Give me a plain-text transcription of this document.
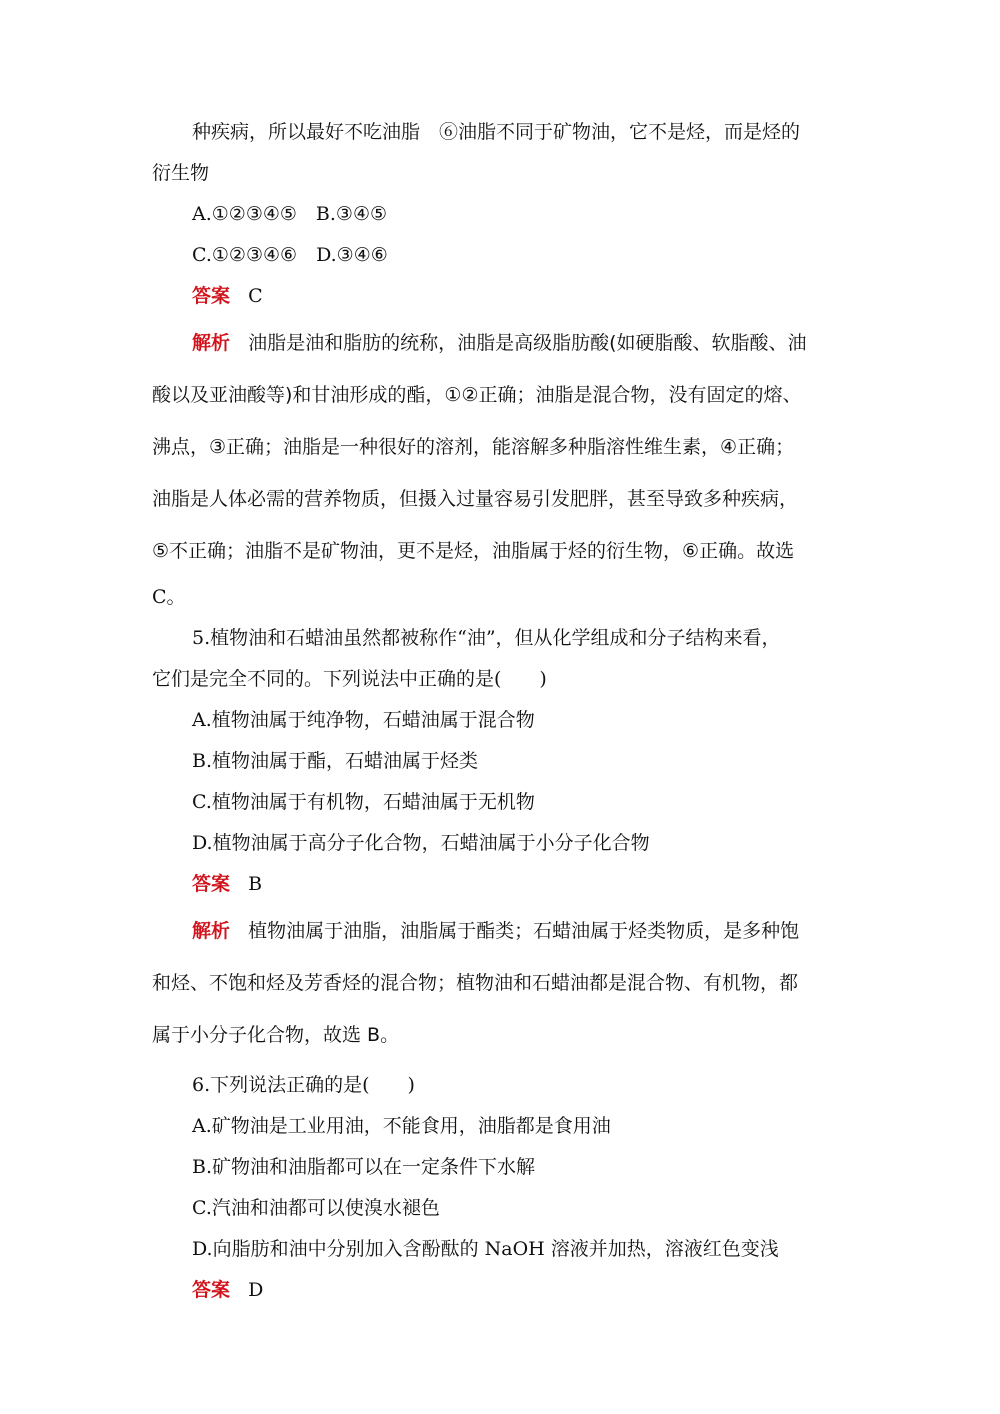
种疾病，所以最好不吃油脂　⑥油脂不同于矿物油，它不是烃，而是烃的

衍生物

A.①②③④⑤　B.③④⑤

C.①②③④⑥　D.③④⑥

答案 C

解析 油脂是油和脂肪的统称，油脂是高级脂肪酸(如硬脂酸、软脂酸、油

酸以及亚油酸等)和甘油形成的酯，①②正确；油脂是混合物，没有固定的熔、

沸点，③正确；油脂是一种很好的溶剂，能溶解多种脂溶性维生素，④正确；

油脂是人体必需的营养物质，但摄入过量容易引发肥胖，甚至导致多种疾病，

⑤不正确；油脂不是矿物油，更不是烃，油脂属于烃的衍生物，⑥正确。故选

C。

5.植物油和石蜡油虽然都被称作“油”，但从化学组成和分子结构来看，

它们是完全不同的。下列说法中正确的是(　　)

A.植物油属于纯净物，石蜡油属于混合物

B.植物油属于酯，石蜡油属于烃类

C.植物油属于有机物，石蜡油属于无机物

D.植物油属于高分子化合物，石蜡油属于小分子化合物

答案 B

解析 植物油属于油脂，油脂属于酯类；石蜡油属于烃类物质，是多种饱

和烃、不饱和烃及芳香烃的混合物；植物油和石蜡油都是混合物、有机物，都

属于小分子化合物，故选 B。

6.下列说法正确的是(　　)

A.矿物油是工业用油，不能食用，油脂都是食用油

B.矿物油和油脂都可以在一定条件下水解

C.汽油和油都可以使溴水褪色

D.向脂肪和油中分别加入含酚酞的 NaOH 溶液并加热，溶液红色变浅

答案 D
